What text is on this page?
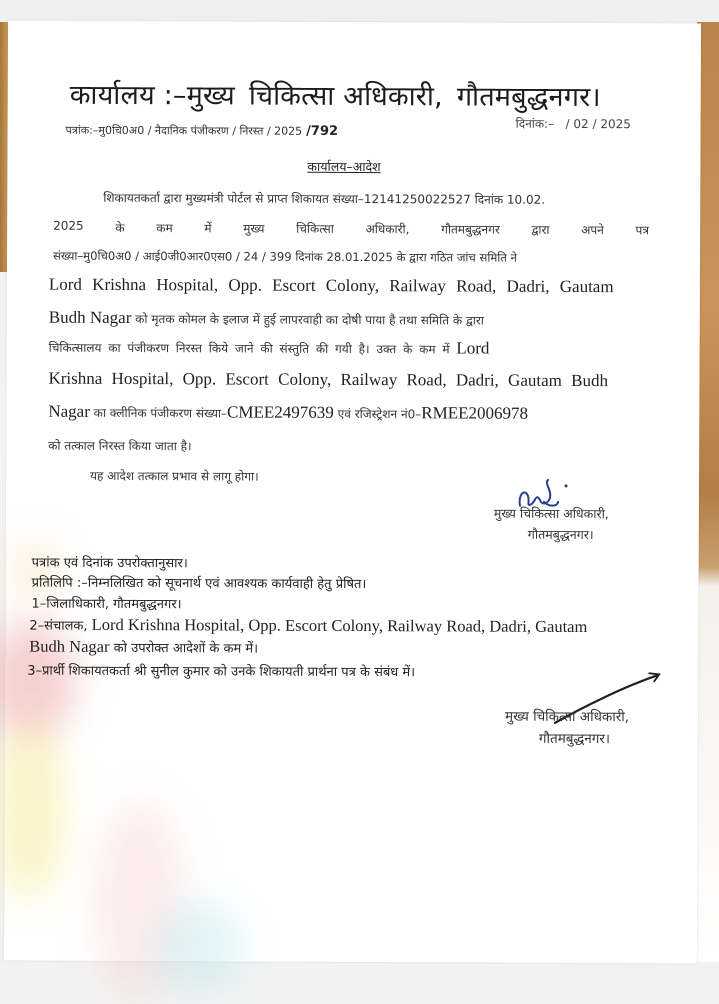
कार्यालय :–मुख्य चिकित्सा अधिकारी, गौतमबुद्धनगर।
पत्रांक:–मु0चि0अ0 / नैदानिक पंजीकरण / निरस्त / 2025 /792
दिनांक:– / 02 / 2025
कार्यालय–आदेश
शिकायतकर्ता द्वारा मुख्यमंत्री पोर्टल से प्राप्त शिकायत संख्या–12141250022527 दिनांक 10.02.
2025	के	कम	में	मुख्य	चिकित्सा	अधिकारी,	गौतमबुद्धनगर	द्वारा	अपने	पत्र
संख्या–मु0चि0अ0 / आई0जी0आर0एस0 / 24 / 399 दिनांक 28.01.2025 के द्वारा गठित जांच समिति ने
Lord Krishna Hospital, Opp. Escort Colony, Railway Road, Dadri, Gautam
Budh Nagar को मृतक कोमल के इलाज में हुई लापरवाही का दोषी पाया है तथा समिति के द्वारा
चिकित्सालय का पंजीकरण निरस्त किये जाने की संस्तुति की गयी है। उक्त के कम में Lord
Krishna Hospital, Opp. Escort Colony, Railway Road, Dadri, Gautam Budh
Nagar का क्लीनिक पंजीकरण संख्या–CMEE2497639 एवं रजिस्ट्रेशन नं0–RMEE2006978
को तत्काल निरस्त किया जाता है।
यह आदेश तत्काल प्रभाव से लागू होगा।
मुख्य चिकित्सा अधिकारी,
गौतमबुद्धनगर।
पत्रांक एवं दिनांक उपरोक्तानुसार।
प्रतिलिपि :–निम्नलिखित को सूचनार्थ एवं आवश्यक कार्यवाही हेतु प्रेषित।
1–जिलाधिकारी, गौतमबुद्धनगर।
2–संचालक, Lord Krishna Hospital, Opp. Escort Colony, Railway Road, Dadri, Gautam
Budh Nagar को उपरोक्त आदेशों के कम में।
3–प्रार्थी शिकायतकर्ता श्री सुनील कुमार को उनके शिकायती प्रार्थना पत्र के संबंध में।
मुख्य चिकित्सा अधिकारी,
गौतमबुद्धनगर।
